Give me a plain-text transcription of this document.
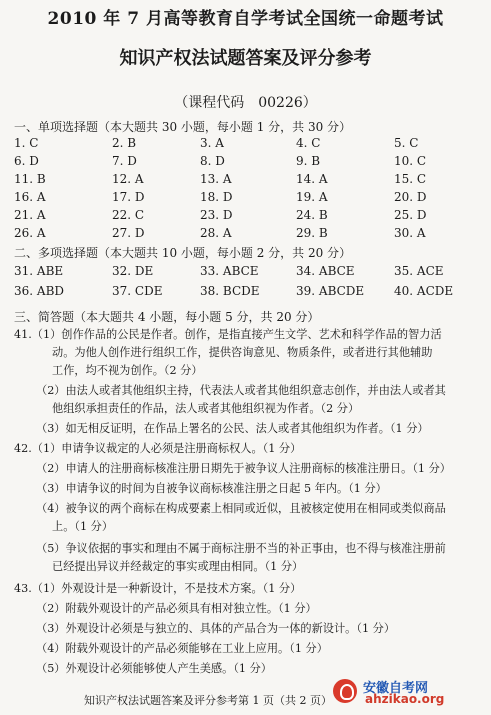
2010 年 7 月高等教育自学考试全国统一命题考试
知识产权法试题答案及评分参考
（课程代码　00226）
一、单项选择题（本大题共 30 小题，每小题 1 分，共 30 分）
1. C	2. B	3. A	4. C	5. C
6. D	7. D	8. D	9. B	10. C
11. B	12. A	13. A	14. A	15. C
16. A	17. D	18. D	19. A	20. D
21. A	22. C	23. D	24. B	25. D
26. A	27. D	28. A	29. B	30. A
二、多项选择题（本大题共 10 小题，每小题 2 分，共 20 分）
31. ABE	32. DE	33. ABCE	34. ABCE	35. ACE
36. ABD	37. CDE	38. BCDE	39. ABCDE 40. ACDE
三、简答题（本大题共 4 小题，每小题 5 分，共 20 分）
41.（1）创作作品的公民是作者。创作，是指直接产生文学、艺术和科学作品的智力活
动。为他人创作进行组织工作，提供咨询意见、物质条件，或者进行其他辅助
工作，均不视为创作。（2 分）
（2）由法人或者其他组织主持，代表法人或者其他组织意志创作，并由法人或者其
他组织承担责任的作品，法人或者其他组织视为作者。（2 分）
（3）如无相反证明，在作品上署名的公民、法人或者其他组织为作者。（1 分）
42.（1）申请争议裁定的人必须是注册商标权人。（1 分）
（2）申请人的注册商标核准注册日期先于被争议人注册商标的核准注册日。（1 分）
（3）申请争议的时间为自被争议商标核准注册之日起 5 年内。（1 分）
（4）被争议的两个商标在构成要素上相同或近似，且被核定使用在相同或类似商品
上。（1 分）
（5）争议依据的事实和理由不属于商标注册不当的补正事由，也不得与核准注册前
已经提出异议并经裁定的事实或理由相同。（1 分）
43.（1）外观设计是一种新设计，不是技术方案。（1 分）
（2）附载外观设计的产品必须具有相对独立性。（1 分）
（3）外观设计必须是与独立的、具体的产品合为一体的新设计。（1 分）
（4）附载外观设计的产品必须能够在工业上应用。（1 分）
（5）外观设计必须能够使人产生美感。（1 分）
知识产权法试题答案及评分参考第 1 页（共 2 页）
安徽自考网
ahzikao.org
